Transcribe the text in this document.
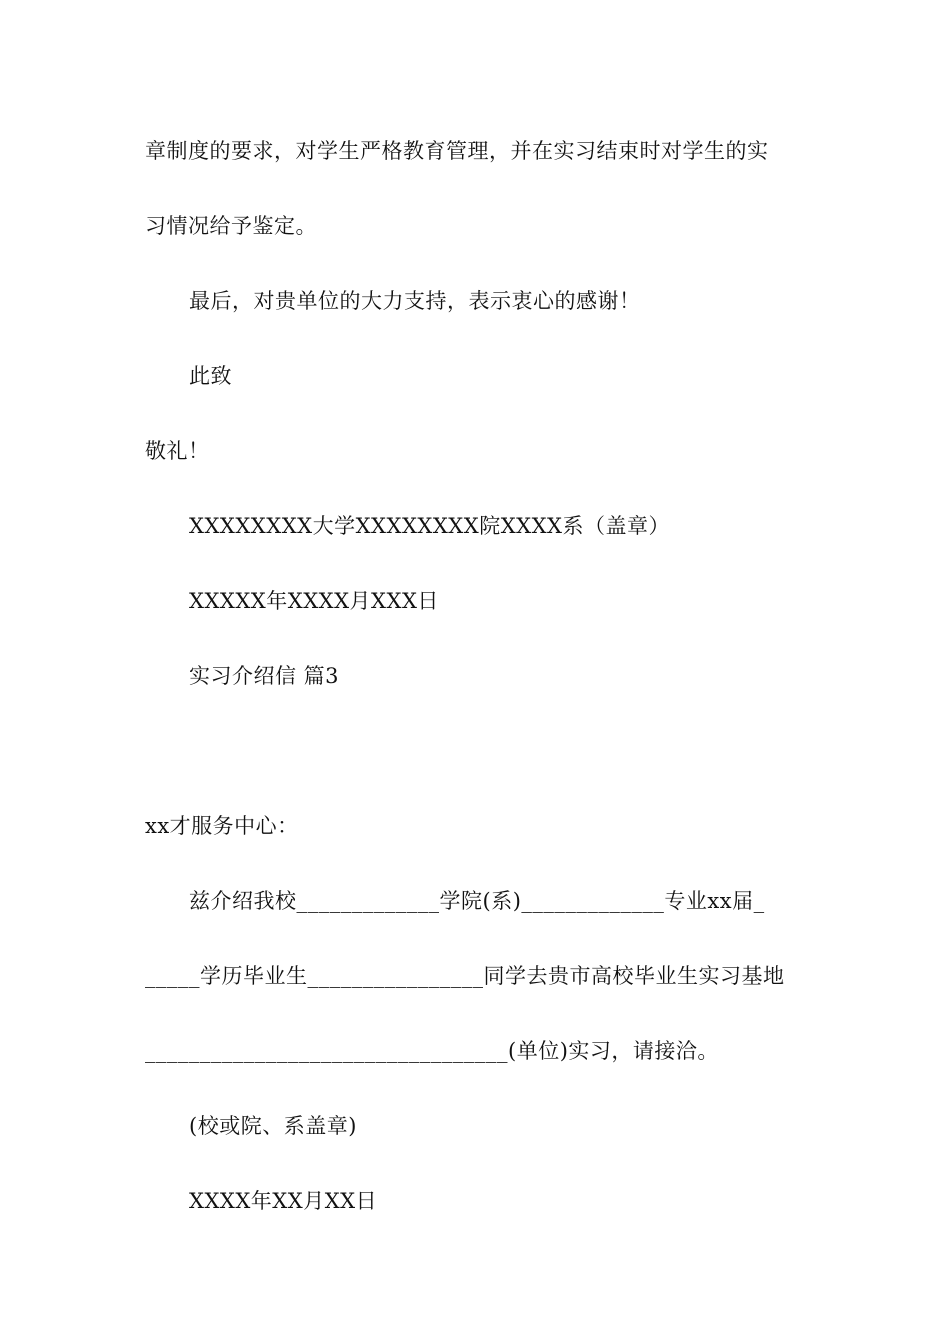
章制度的要求，对学生严格教育管理，并在实习结束时对学生的实
习情况给予鉴定。
最后，对贵单位的大力支持，表示衷心的感谢！
此致
敬礼！
XXXXXXXX大学XXXXXXXX院XXXX系（盖章）
XXXXX年XXXX月XXX日
实习介绍信 篇3
xx才服务中心：
兹介绍我校_____________学院(系)_____________专业xx届_
_____学历毕业生________________同学去贵市高校毕业生实习基地
_________________________________(单位)实习，请接洽。
(校或院、系盖章)
XXXX年XX月XX日
